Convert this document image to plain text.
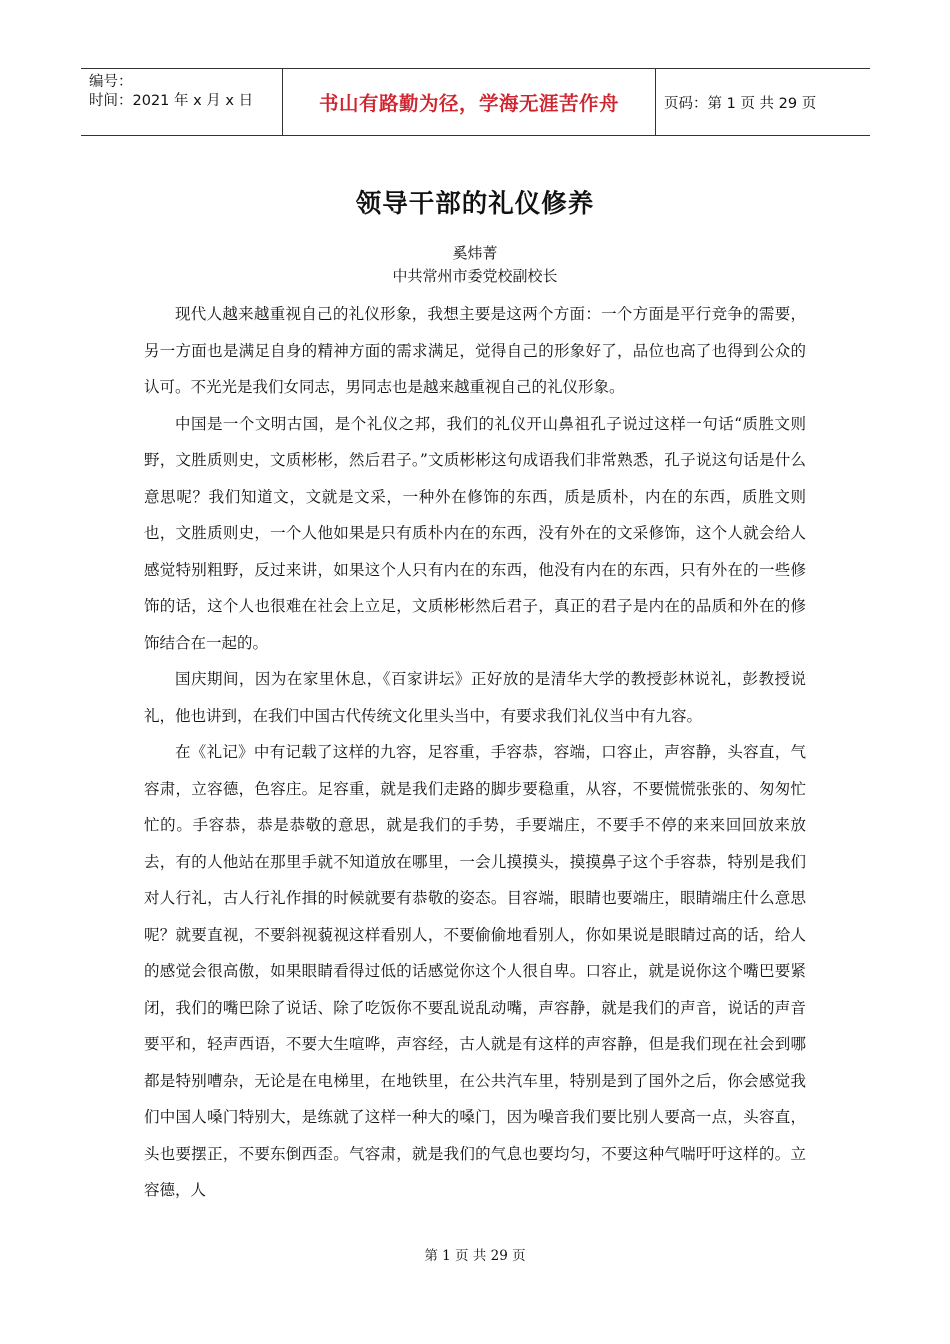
编号：
时间：2021 年 x 月 x 日	书山有路勤为径，学海无涯苦作舟	页码：第 1 页 共 29 页
领导干部的礼仪修养
奚炜菁
中共常州市委党校副校长

现代人越来越重视自己的礼仪形象，我想主要是这两个方面：一个方面是平行竞争的需要，另一方面也是满足自身的精神方面的需求满足，觉得自己的形象好了，品位也高了也得到公众的认可。不光光是我们女同志，男同志也是越来越重视自己的礼仪形象。

中国是一个文明古国，是个礼仪之邦，我们的礼仪开山鼻祖孔子说过这样一句话“质胜文则野，文胜质则史，文质彬彬，然后君子。”文质彬彬这句成语我们非常熟悉，孔子说这句话是什么意思呢？我们知道文，文就是文采，一种外在修饰的东西，质是质朴，内在的东西，质胜文则也，文胜质则史，一个人他如果是只有质朴内在的东西，没有外在的文采修饰，这个人就会给人感觉特别粗野，反过来讲，如果这个人只有内在的东西，他没有内在的东西，只有外在的一些修饰的话，这个人也很难在社会上立足，文质彬彬然后君子，真正的君子是内在的品质和外在的修饰结合在一起的。

国庆期间，因为在家里休息，《百家讲坛》正好放的是清华大学的教授彭林说礼，彭教授说礼，他也讲到，在我们中国古代传统文化里头当中，有要求我们礼仪当中有九容。

在《礼记》中有记载了这样的九容，足容重，手容恭，容端，口容止，声容静，头容直，气容肃，立容德，色容庄。足容重，就是我们走路的脚步要稳重，从容，不要慌慌张张的、匆匆忙忙的。手容恭，恭是恭敬的意思，就是我们的手势，手要端庄，不要手不停的来来回回放来放去，有的人他站在那里手就不知道放在哪里，一会儿摸摸头，摸摸鼻子这个手容恭，特别是我们对人行礼，古人行礼作揖的时候就要有恭敬的姿态。目容端，眼睛也要端庄，眼睛端庄什么意思呢？就要直视，不要斜视藐视这样看别人，不要偷偷地看别人，你如果说是眼睛过高的话，给人的感觉会很高傲，如果眼睛看得过低的话感觉你这个人很自卑。口容止，就是说你这个嘴巴要紧闭，我们的嘴巴除了说话、除了吃饭你不要乱说乱动嘴，声容静，就是我们的声音，说话的声音要平和，轻声西语，不要大生喧哗，声容经，古人就是有这样的声容静，但是我们现在社会到哪都是特别嘈杂，无论是在电梯里，在地铁里，在公共汽车里，特别是到了国外之后，你会感觉我们中国人嗓门特别大，是练就了这样一种大的嗓门，因为噪音我们要比别人要高一点，头容直，头也要摆正，不要东倒西歪。气容肃，就是我们的气息也要均匀，不要这种气喘吁吁这样的。立容德，人

第 1 页 共 29 页
